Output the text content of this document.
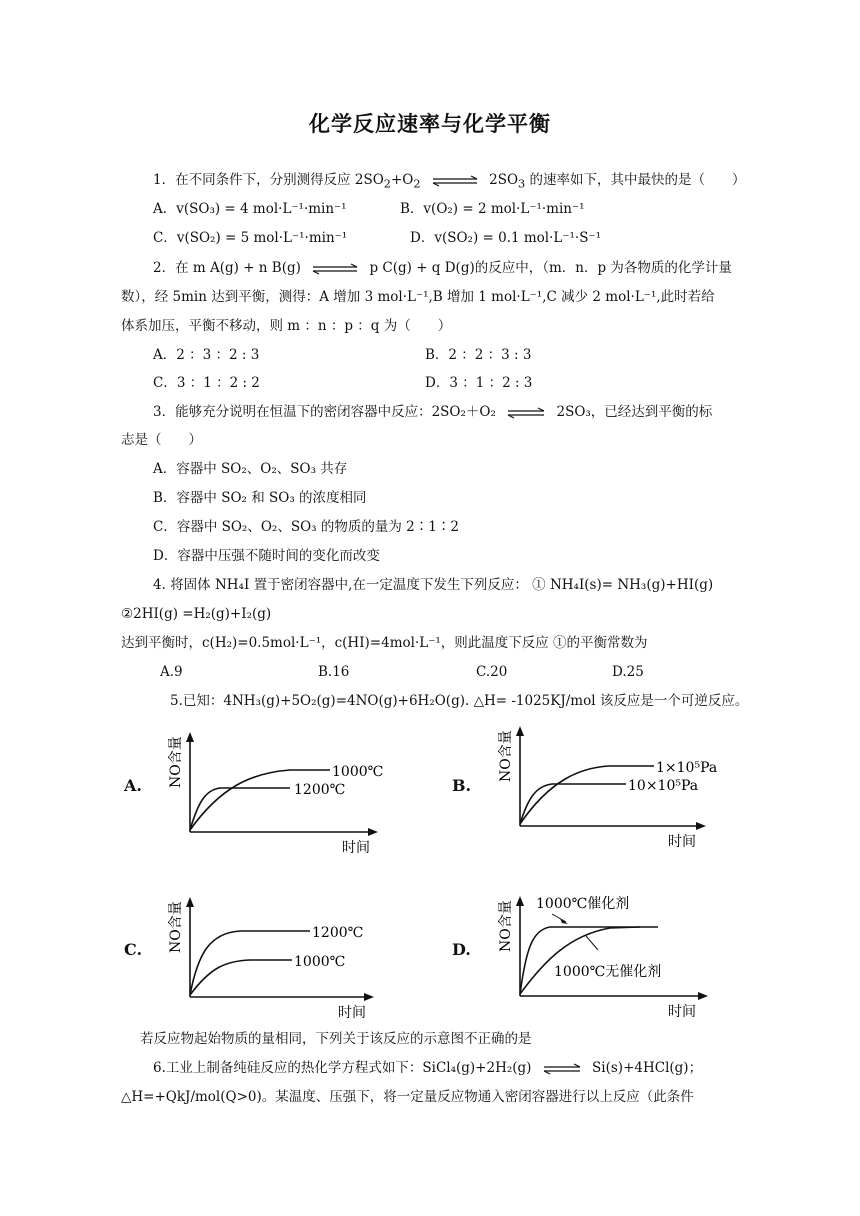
化学反应速率与化学平衡
1．在不同条件下，分别测得反应 $2SO_2+O_2$ ⇌ $2SO_3$ 的速率如下，其中最快的是（　　）
A．v(SO₃) = 4 mol·L⁻¹·min⁻¹	B．v(O₂) = 2 mol·L⁻¹·min⁻¹
C．v(SO₂) = 5 mol·L⁻¹·min⁻¹	D．v(SO₂) = 0.1 mol·L⁻¹·S⁻¹
2．在 m A(g) + n B(g) ⇌ p C(g) + q D(g)的反应中，（m．n．p 为各物质的化学计量
数），经 5min 达到平衡，测得：A 增加 3 mol·L⁻¹,B 增加 1 mol·L⁻¹,C 减少 2 mol·L⁻¹,此时若给
体系加压，平衡不移动，则 m ：n ：p ：q 为（　　）
A．2 ：3 ：2 : 3	B．2 ：2 ：3 : 3
C．3 ：1 ：2 : 2	D．3 ：1 ：2 : 3
3．能够充分说明在恒温下的密闭容器中反应：2SO₂＋O₂ ⇌ 2SO₃，已经达到平衡的标
志是（　　）
A．容器中 SO₂、O₂、SO₃ 共存
B．容器中 SO₂ 和 SO₃ 的浓度相同
C．容器中 SO₂、O₂、SO₃ 的物质的量为 2∶1∶2
D．容器中压强不随时间的变化而改变
4. 将固体 NH₄I 置于密闭容器中,在一定温度下发生下列反应： ① NH₄I(s)= NH₃(g)+HI(g)
②2HI(g) =H₂(g)+I₂(g)
达到平衡时，c(H₂)=0.5mol·L⁻¹，c(HI)=4mol·L⁻¹，则此温度下反应 ①的平衡常数为
A.9	B.16	C.20	D.25
5.已知：4NH₃(g)+5O₂(g)=4NO(g)+6H₂O(g). △H= -1025KJ/mol 该反应是一个可逆反应。
A.
1000℃
1200℃
NO含量
时间
B.
1×10⁵Pa
10×10⁵Pa
NO含量
时间
C.
1200℃
1000℃
NO含量
时间
D.
1000℃催化剂
1000℃无催化剂
NO含量
时间
若反应物起始物质的量相同，下列关于该反应的示意图不正确的是
6.工业上制备纯硅反应的热化学方程式如下：SiCl₄(g)+2H₂(g) ⇌ Si(s)+4HCl(g)；
△H=+QkJ/mol(Q>0)。某温度、压强下，将一定量反应物通入密闭容器进行以上反应（此条件
